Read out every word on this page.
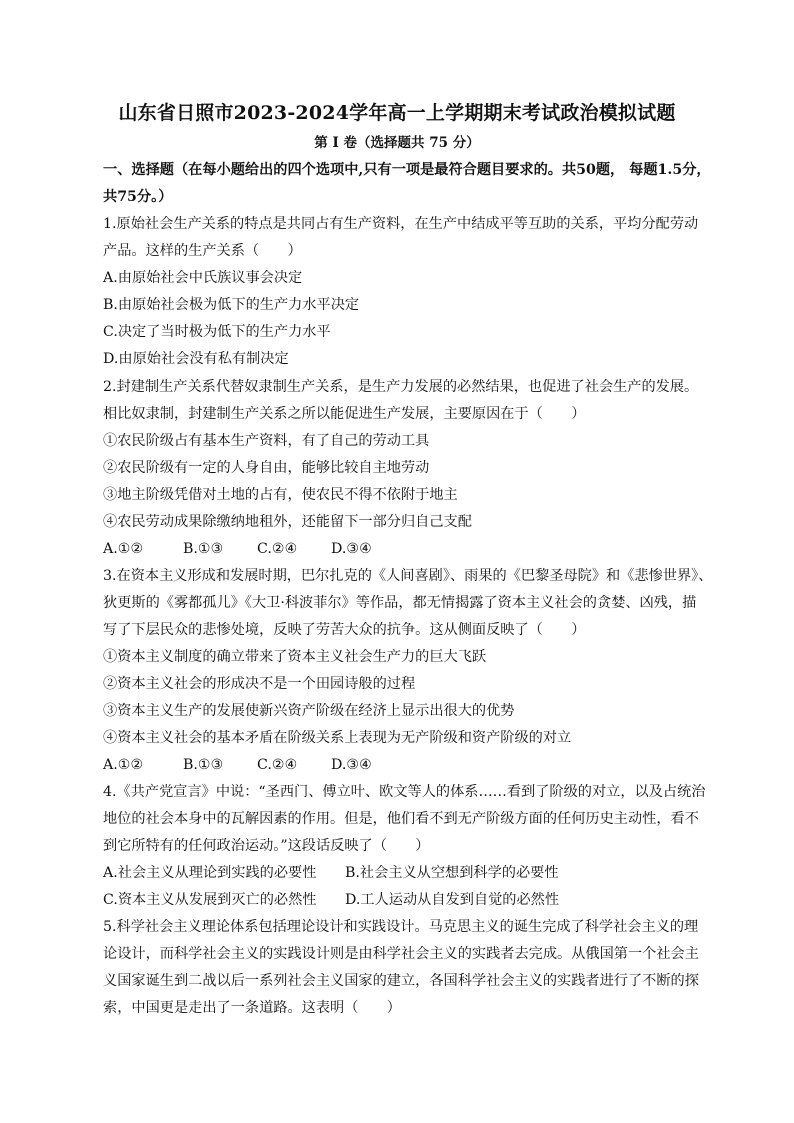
山东省日照市2023-2024学年高一上学期期末考试政治模拟试题
第 Ⅰ 卷（选择题共 75 分）
一、选择题（在每小题给出的四个选项中,只有一项是最符合题目要求的。共50题， 每题1.5分，
共75分。）
1.原始社会生产关系的特点是共同占有生产资料，在生产中结成平等互助的关系，平均分配劳动
产品。这样的生产关系（　　）
A.由原始社会中氏族议事会决定
B.由原始社会极为低下的生产力水平决定
C.决定了当时极为低下的生产力水平
D.由原始社会没有私有制决定
2.封建制生产关系代替奴隶制生产关系，是生产力发展的必然结果，也促进了社会生产的发展。
相比奴隶制，封建制生产关系之所以能促进生产发展，主要原因在于（　　）
①农民阶级占有基本生产资料，有了自己的劳动工具
②农民阶级有一定的人身自由，能够比较自主地劳动
③地主阶级凭借对土地的占有，使农民不得不依附于地主
④农民劳动成果除缴纳地租外，还能留下一部分归自己支配
A.①②	B.①③ C.②④ D.③④
3.在资本主义形成和发展时期，巴尔扎克的《人间喜剧》、雨果的《巴黎圣母院》和《悲惨世界》、
狄更斯的《雾都孤儿》《大卫·科波菲尔》等作品，都无情揭露了资本主义社会的贪婪、凶残，描
写了下层民众的悲惨处境，反映了劳苦大众的抗争。这从侧面反映了（　　）
①资本主义制度的确立带来了资本主义社会生产力的巨大飞跃
②资本主义社会的形成决不是一个田园诗般的过程
③资本主义生产的发展使新兴资产阶级在经济上显示出很大的优势
④资本主义社会的基本矛盾在阶级关系上表现为无产阶级和资产阶级的对立
A.①②	B.①③ C.②④ D.③④
4.《共产党宣言》中说：“圣西门、傅立叶、欧文等人的体系……看到了阶级的对立，以及占统治
地位的社会本身中的瓦解因素的作用。但是，他们看不到无产阶级方面的任何历史主动性，看不
到它所特有的任何政治运动。”这段话反映了（　　）
A.社会主义从理论到实践的必要性 B.社会主义从空想到科学的必要性
C.资本主义从发展到灭亡的必然性 D.工人运动从自发到自觉的必然性
5.科学社会主义理论体系包括理论设计和实践设计。马克思主义的诞生完成了科学社会主义的理
论设计，而科学社会主义的实践设计则是由科学社会主义的实践者去完成。从俄国第一个社会主
义国家诞生到二战以后一系列社会主义国家的建立，各国科学社会主义的实践者进行了不断的探
索，中国更是走出了一条道路。这表明（　　）
